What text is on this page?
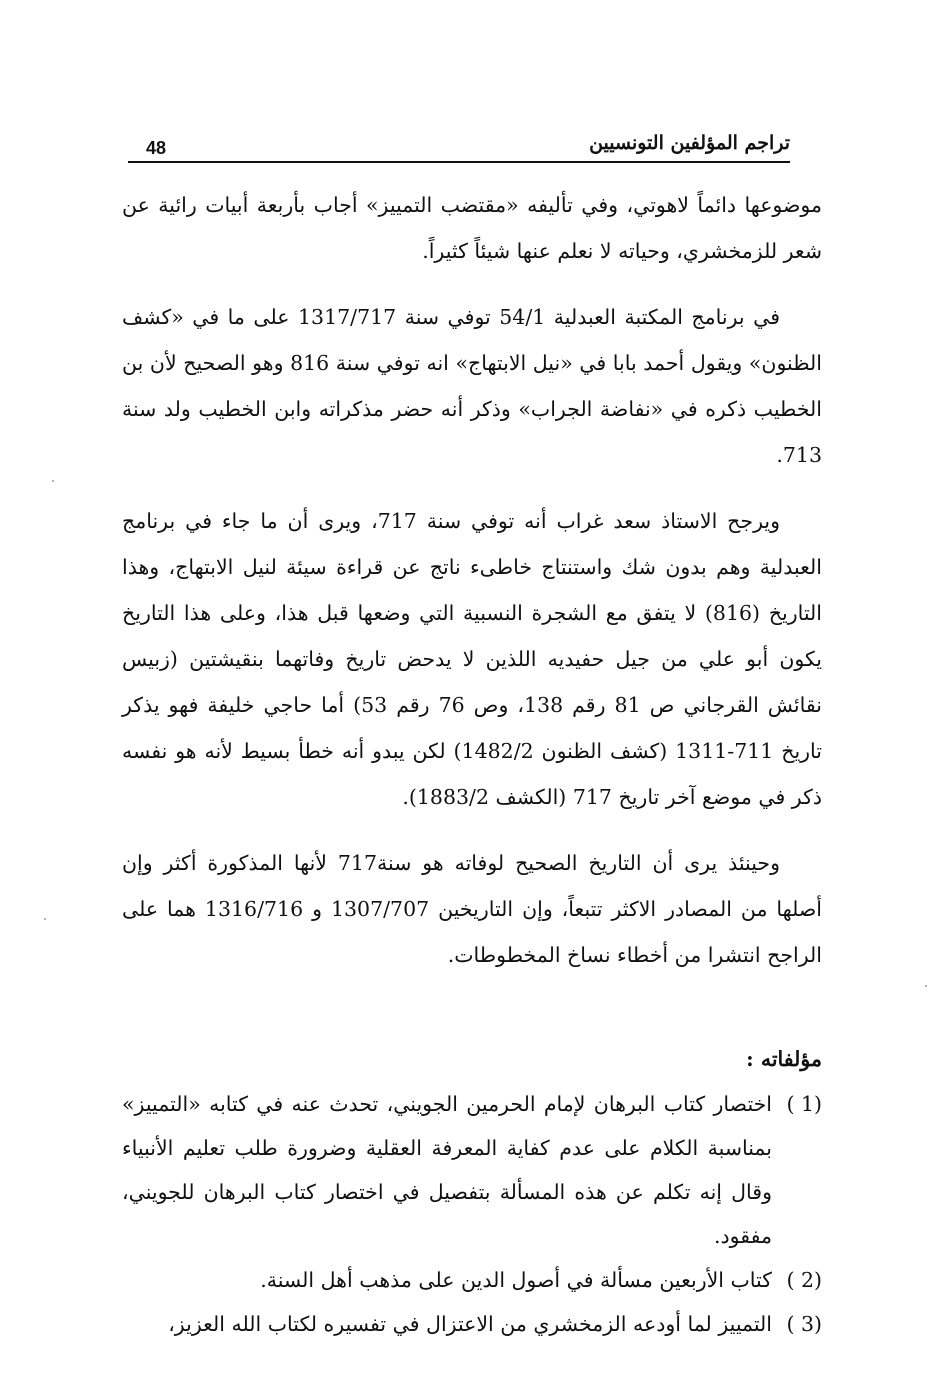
تراجم المؤلفين التونسيين
48

موضوعها دائماً لاهوتي، وفي تأليفه «مقتضب التمييز» أجاب بأربعة أبيات رائية عن شعر للزمخشري، وحياته لا نعلم عنها شيئاً كثيراً.

في برنامج المكتبة العبدلية 54/1 توفي سنة 1317/717 على ما في «كشف الظنون» ويقول أحمد بابا في «نيل الابتهاج» انه توفي سنة 816 وهو الصحيح لأن بن الخطيب ذكره في «نفاضة الجراب» وذكر أنه حضر مذكراته وابن الخطيب ولد سنة 713.

ويرجح الاستاذ سعد غراب أنه توفي سنة 717، ويرى أن ما جاء في برنامج العبدلية وهم بدون شك واستنتاج خاطىء ناتج عن قراءة سيئة لنيل الابتهاج، وهذا التاريخ (816) لا يتفق مع الشجرة النسبية التي وضعها قبل هذا، وعلى هذا التاريخ يكون أبو علي من جيل حفيديه اللذين لا يدحض تاريخ وفاتهما بنقيشتين (زبيس نقائش القرجاني ص 81 رقم 138، وص 76 رقم 53) أما حاجي خليفة فهو يذكر تاريخ 711-1311 (كشف الظنون 1482/2) لكن يبدو أنه خطأ بسيط لأنه هو نفسه ذكر في موضع آخر تاريخ 717 (الكشف 1883/2).

وحينئذ يرى أن التاريخ الصحيح لوفاته هو سنة717 لأنها المذكورة أكثر وإن أصلها من المصادر الاكثر تتبعاً، وإن التاريخين 1307/707 و 1316/716 هما على الراجح انتشرا من أخطاء نساخ المخطوطات.

مؤلفاته :
(1 )
اختصار كتاب البرهان لإمام الحرمين الجويني، تحدث عنه في كتابه «التمييز» بمناسبة الكلام على عدم كفاية المعرفة العقلية وضرورة طلب تعليم الأنبياء وقال إنه تكلم عن هذه المسألة بتفصيل في اختصار كتاب البرهان للجويني، مفقود.
(2 )
كتاب الأربعين مسألة في أصول الدين على مذهب أهل السنة.
(3 )
التمييز لما أودعه الزمخشري من الاعتزال في تفسيره لكتاب الله العزيز،
